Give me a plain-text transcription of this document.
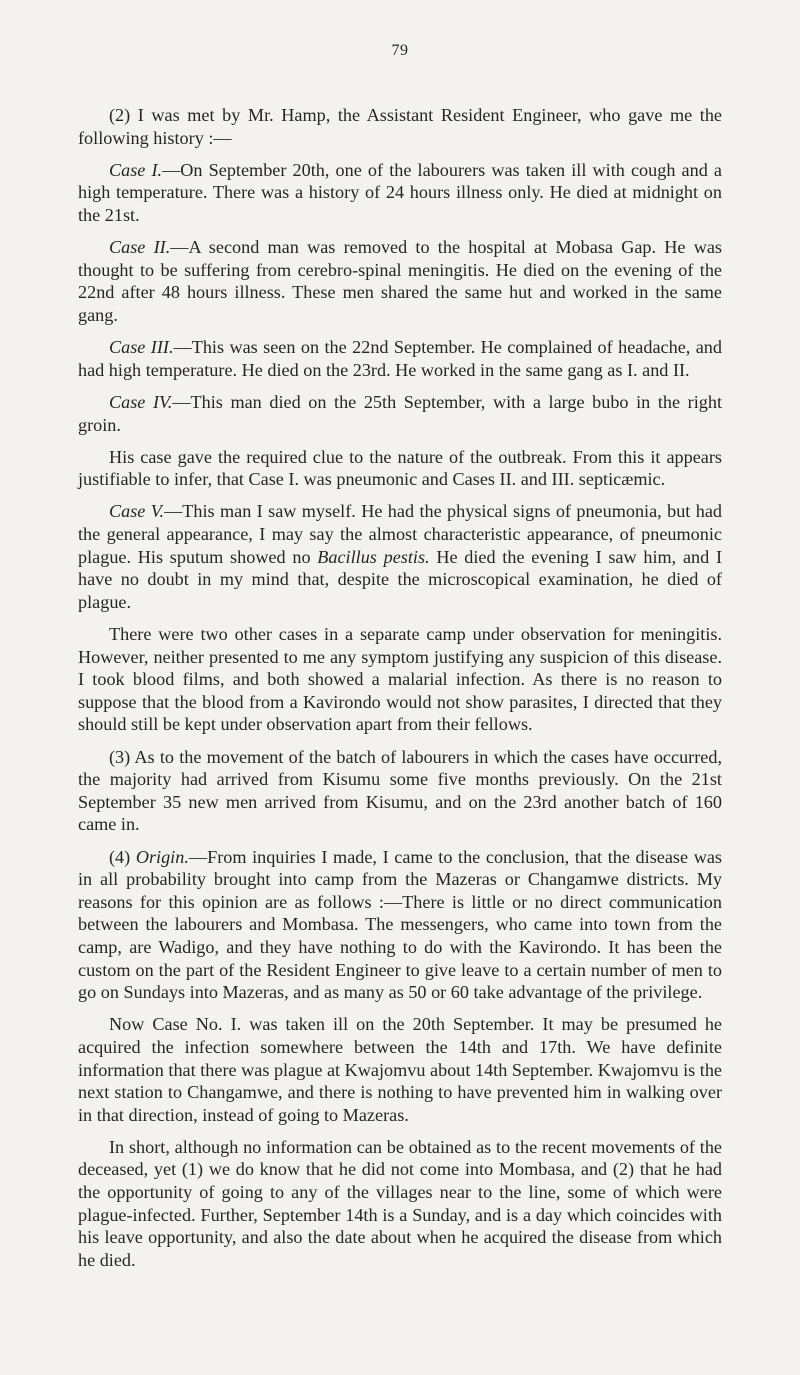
79

(2) I was met by Mr. Hamp, the Assistant Resident Engineer, who gave me the following history :—

Case I.—On September 20th, one of the labourers was taken ill with cough and a high temperature. There was a history of 24 hours illness only. He died at midnight on the 21st.

Case II.—A second man was removed to the hospital at Mobasa Gap. He was thought to be suffering from cerebro-spinal meningitis. He died on the evening of the 22nd after 48 hours illness. These men shared the same hut and worked in the same gang.

Case III.—This was seen on the 22nd September. He complained of headache, and had high temperature. He died on the 23rd. He worked in the same gang as I. and II.

Case IV.—This man died on the 25th September, with a large bubo in the right groin.

His case gave the required clue to the nature of the outbreak. From this it appears justifiable to infer, that Case I. was pneumonic and Cases II. and III. septicæmic.

Case V.—This man I saw myself. He had the physical signs of pneumonia, but had the general appearance, I may say the almost characteristic appearance, of pneumonic plague. His sputum showed no Bacillus pestis. He died the evening I saw him, and I have no doubt in my mind that, despite the microscopical examination, he died of plague.

There were two other cases in a separate camp under observation for meningitis. However, neither presented to me any symptom justifying any suspicion of this disease. I took blood films, and both showed a malarial infection. As there is no reason to suppose that the blood from a Kavirondo would not show parasites, I directed that they should still be kept under observation apart from their fellows.

(3) As to the movement of the batch of labourers in which the cases have occurred, the majority had arrived from Kisumu some five months previously. On the 21st September 35 new men arrived from Kisumu, and on the 23rd another batch of 160 came in.

(4) Origin.—From inquiries I made, I came to the conclusion, that the disease was in all probability brought into camp from the Mazeras or Changamwe districts. My reasons for this opinion are as follows :—There is little or no direct communication between the labourers and Mombasa. The messengers, who came into town from the camp, are Wadigo, and they have nothing to do with the Kavirondo. It has been the custom on the part of the Resident Engineer to give leave to a certain number of men to go on Sundays into Mazeras, and as many as 50 or 60 take advantage of the privilege.

Now Case No. I. was taken ill on the 20th September. It may be presumed he acquired the infection somewhere between the 14th and 17th. We have definite information that there was plague at Kwajomvu about 14th September. Kwajomvu is the next station to Changamwe, and there is nothing to have prevented him in walking over in that direction, instead of going to Mazeras.

In short, although no information can be obtained as to the recent movements of the deceased, yet (1) we do know that he did not come into Mombasa, and (2) that he had the opportunity of going to any of the villages near to the line, some of which were plague-infected. Further, September 14th is a Sunday, and is a day which coincides with his leave opportunity, and also the date about when he acquired the disease from which he died.
